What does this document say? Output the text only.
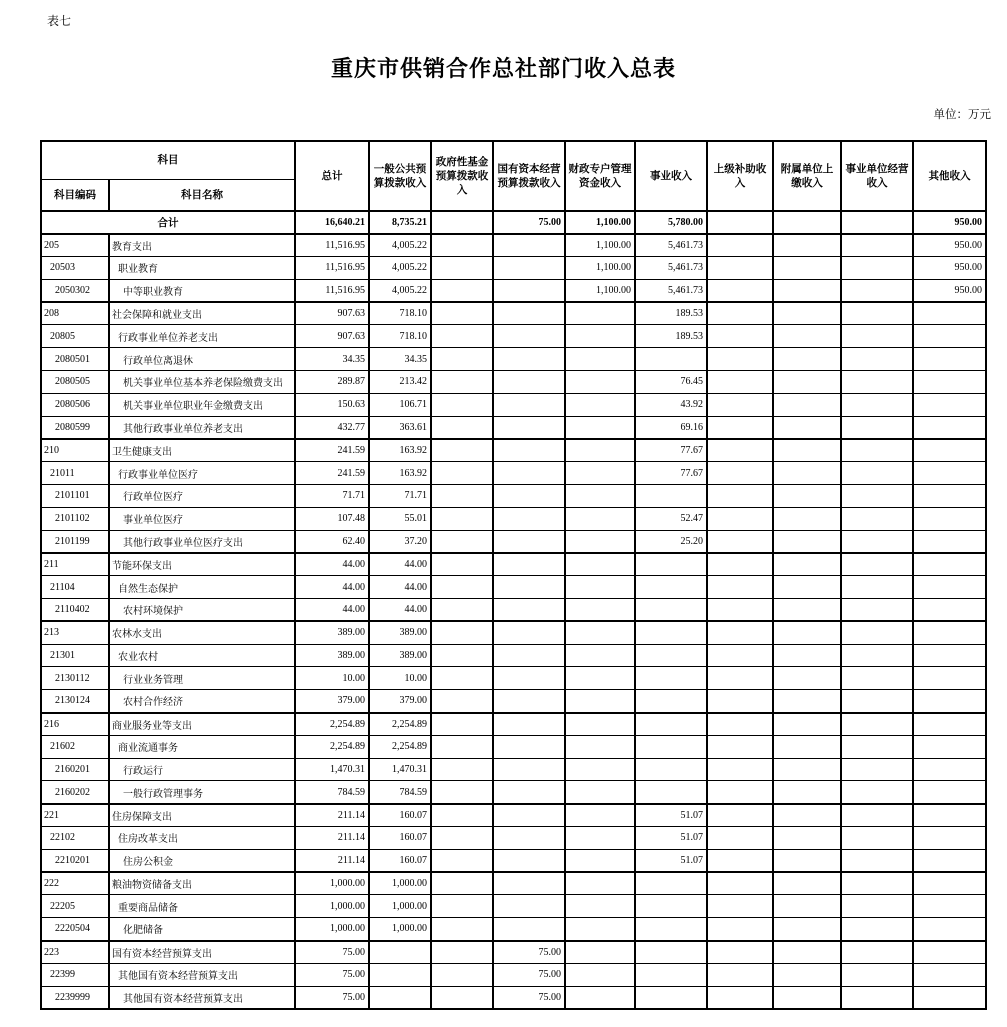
表七
重庆市供销合作总社部门收入总表
单位：万元
科目		总计	一般公共预算拨款收入	政府性基金预算拨款收入	国有资本经营预算拨款收入	财政专户管理资金收入	事业收入	上级补助收入	附属单位上缴收入	事业单位经营收入	其他收入
科目编码	科目名称										
合计		16,640.21	8,735.21		75.00	1,100.00	5,780.00				950.00
205	教育支出	11,516.95	4,005.22			1,100.00	5,461.73				950.00
20503	职业教育	11,516.95	4,005.22			1,100.00	5,461.73				950.00
2050302	中等职业教育	11,516.95	4,005.22			1,100.00	5,461.73				950.00
208	社会保障和就业支出	907.63	718.10				189.53				
20805	行政事业单位养老支出	907.63	718.10				189.53				
2080501	行政单位离退休	34.35	34.35								
2080505	机关事业单位基本养老保险缴费支出	289.87	213.42				76.45				
2080506	机关事业单位职业年金缴费支出	150.63	106.71				43.92				
2080599	其他行政事业单位养老支出	432.77	363.61				69.16				
210	卫生健康支出	241.59	163.92				77.67				
21011	行政事业单位医疗	241.59	163.92				77.67				
2101101	行政单位医疗	71.71	71.71								
2101102	事业单位医疗	107.48	55.01				52.47				
2101199	其他行政事业单位医疗支出	62.40	37.20				25.20				
211	节能环保支出	44.00	44.00								
21104	自然生态保护	44.00	44.00								
2110402	农村环境保护	44.00	44.00								
213	农林水支出	389.00	389.00								
21301	农业农村	389.00	389.00								
2130112	行业业务管理	10.00	10.00								
2130124	农村合作经济	379.00	379.00								
216	商业服务业等支出	2,254.89	2,254.89								
21602	商业流通事务	2,254.89	2,254.89								
2160201	行政运行	1,470.31	1,470.31								
2160202	一般行政管理事务	784.59	784.59								
221	住房保障支出	211.14	160.07				51.07				
22102	住房改革支出	211.14	160.07				51.07				
2210201	住房公积金	211.14	160.07				51.07				
222	粮油物资储备支出	1,000.00	1,000.00								
22205	重要商品储备	1,000.00	1,000.00								
2220504	化肥储备	1,000.00	1,000.00								
223	国有资本经营预算支出	75.00			75.00						
22399	其他国有资本经营预算支出	75.00			75.00						
2239999	其他国有资本经营预算支出	75.00			75.00						
